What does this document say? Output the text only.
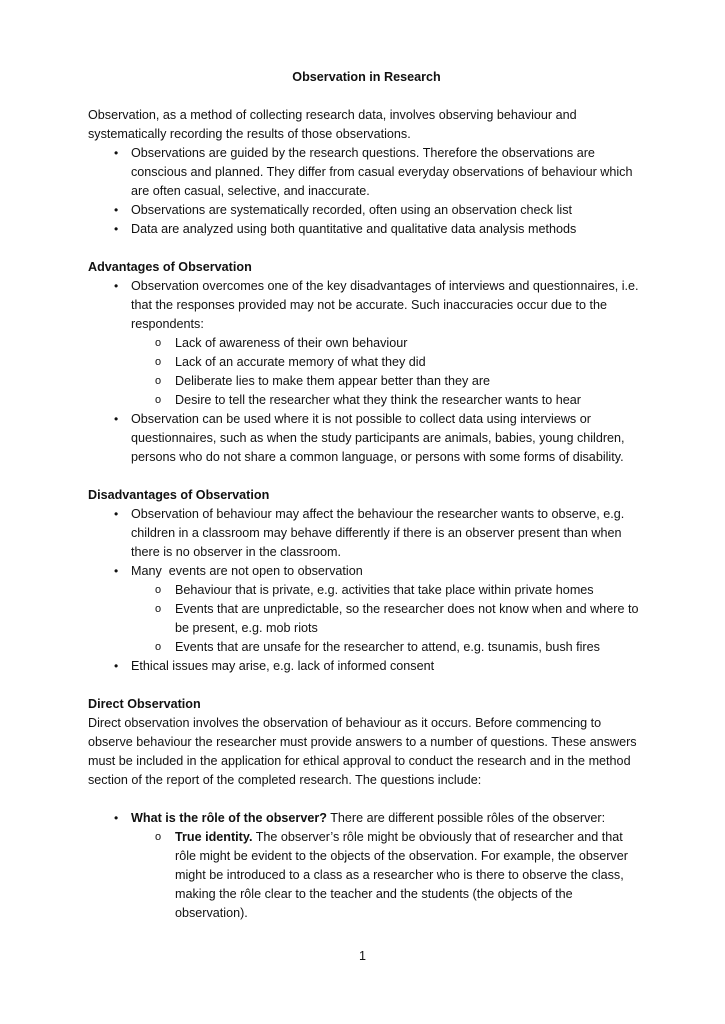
Observation in Research

Observation, as a method of collecting research data, involves observing behaviour and systematically recording the results of those observations.

• Observations are guided by the research questions. Therefore the observations are conscious and planned. They differ from casual everyday observations of behaviour which are often casual, selective, and inaccurate.
• Observations are systematically recorded, often using an observation check list
• Data are analyzed using both quantitative and qualitative data analysis methods

Advantages of Observation

• Observation overcomes one of the key disadvantages of interviews and questionnaires, i.e. that the responses provided may not be accurate. Such inaccuracies occur due to the respondents:
o Lack of awareness of their own behaviour
o Lack of an accurate memory of what they did
o Deliberate lies to make them appear better than they are
o Desire to tell the researcher what they think the researcher wants to hear
• Observation can be used where it is not possible to collect data using interviews or questionnaires, such as when the study participants are animals, babies, young children, persons who do not share a common language, or persons with some forms of disability.

Disadvantages of Observation

• Observation of behaviour may affect the behaviour the researcher wants to observe, e.g. children in a classroom may behave differently if there is an observer present than when there is no observer in the classroom.
• Many  events are not open to observation
o Behaviour that is private, e.g. activities that take place within private homes
o Events that are unpredictable, so the researcher does not know when and where to be present, e.g. mob riots
o Events that are unsafe for the researcher to attend, e.g. tsunamis, bush fires
• Ethical issues may arise, e.g. lack of informed consent

Direct Observation

Direct observation involves the observation of behaviour as it occurs. Before commencing to observe behaviour the researcher must provide answers to a number of questions. These answers must be included in the application for ethical approval to conduct the research and in the method section of the report of the completed research. The questions include:

• What is the rôle of the observer? There are different possible rôles of the observer:
o True identity. The observer’s rôle might be obviously that of researcher and that rôle might be evident to the objects of the observation. For example, the observer might be introduced to a class as a researcher who is there to observe the class, making the rôle clear to the teacher and the students (the objects of the observation).
1
